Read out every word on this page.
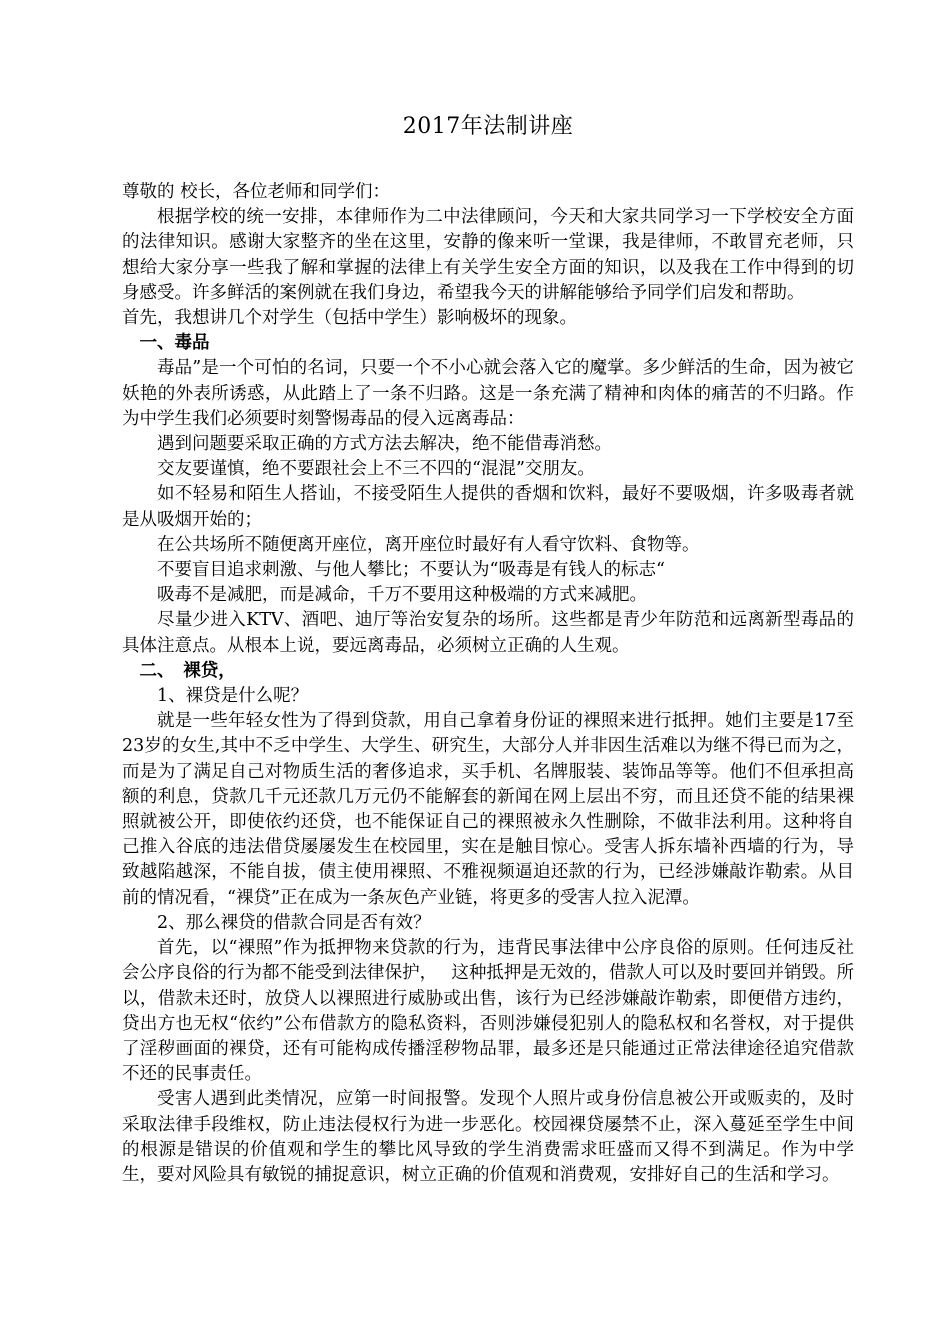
2017年法制讲座

尊敬的 校长，各位老师和同学们：

根据学校的统一安排，本律师作为二中法律顾问，今天和大家共同学习一下学校安全方面的法律知识。感谢大家整齐的坐在这里，安静的像来听一堂课，我是律师，不敢冒充老师，只想给大家分享一些我了解和掌握的法律上有关学生安全方面的知识，以及我在工作中得到的切身感受。许多鲜活的案例就在我们身边，希望我今天的讲解能够给予同学们启发和帮助。

首先，我想讲几个对学生（包括中学生）影响极坏的现象。

一、毒品

毒品”是一个可怕的名词，只要一个不小心就会落入它的魔掌。多少鲜活的生命，因为被它妖艳的外表所诱惑，从此踏上了一条不归路。这是一条充满了精神和肉体的痛苦的不归路。作为中学生我们必须要时刻警惕毒品的侵入远离毒品：

遇到问题要采取正确的方式方法去解决，绝不能借毒消愁。

交友要谨慎，绝不要跟社会上不三不四的“混混”交朋友。

如不轻易和陌生人搭讪，不接受陌生人提供的香烟和饮料，最好不要吸烟，许多吸毒者就是从吸烟开始的；

在公共场所不随便离开座位，离开座位时最好有人看守饮料、食物等。

不要盲目追求刺激、与他人攀比；不要认为“吸毒是有钱人的标志“

吸毒不是减肥，而是减命，千万不要用这种极端的方式来减肥。

尽量少进入KTV、酒吧、迪厅等治安复杂的场所。这些都是青少年防范和远离新型毒品的具体注意点。从根本上说，要远离毒品，必须树立正确的人生观。

二、　裸贷，

1、裸贷是什么呢？

就是一些年轻女性为了得到贷款，用自己拿着身份证的裸照来进行抵押。她们主要是17至23岁的女生,其中不乏中学生、大学生、研究生，大部分人并非因生活难以为继不得已而为之，而是为了满足自己对物质生活的奢侈追求，买手机、名牌服装、装饰品等等。他们不但承担高额的利息，贷款几千元还款几万元仍不能解套的新闻在网上层出不穷，而且还贷不能的结果裸照就被公开，即使依约还贷，也不能保证自己的裸照被永久性删除，不做非法利用。这种将自己推入谷底的违法借贷屡屡发生在校园里，实在是触目惊心。受害人拆东墙补西墙的行为，导致越陷越深，不能自拔，债主使用裸照、不雅视频逼迫还款的行为，已经涉嫌敲诈勒索。从目前的情况看，“裸贷”正在成为一条灰色产业链，将更多的受害人拉入泥潭。

2、那么裸贷的借款合同是否有效？

首先，以“裸照”作为抵押物来贷款的行为，违背民事法律中公序良俗的原则。任何违反社会公序良俗的行为都不能受到法律保护，　 这种抵押是无效的，借款人可以及时要回并销毁。所以，借款未还时，放贷人以裸照进行威胁或出售，该行为已经涉嫌敲诈勒索，即便借方违约，贷出方也无权“依约”公布借款方的隐私资料，否则涉嫌侵犯别人的隐私权和名誉权，对于提供了淫秽画面的裸贷，还有可能构成传播淫秽物品罪，最多还是只能通过正常法律途径追究借款不还的民事责任。

受害人遇到此类情况，应第一时间报警。发现个人照片或身份信息被公开或贩卖的，及时采取法律手段维权，防止违法侵权行为进一步恶化。校园裸贷屡禁不止，深入蔓延至学生中间的根源是错误的价值观和学生的攀比风导致的学生消费需求旺盛而又得不到满足。作为中学生，要对风险具有敏锐的捕捉意识，树立正确的价值观和消费观，安排好自己的生活和学习。
